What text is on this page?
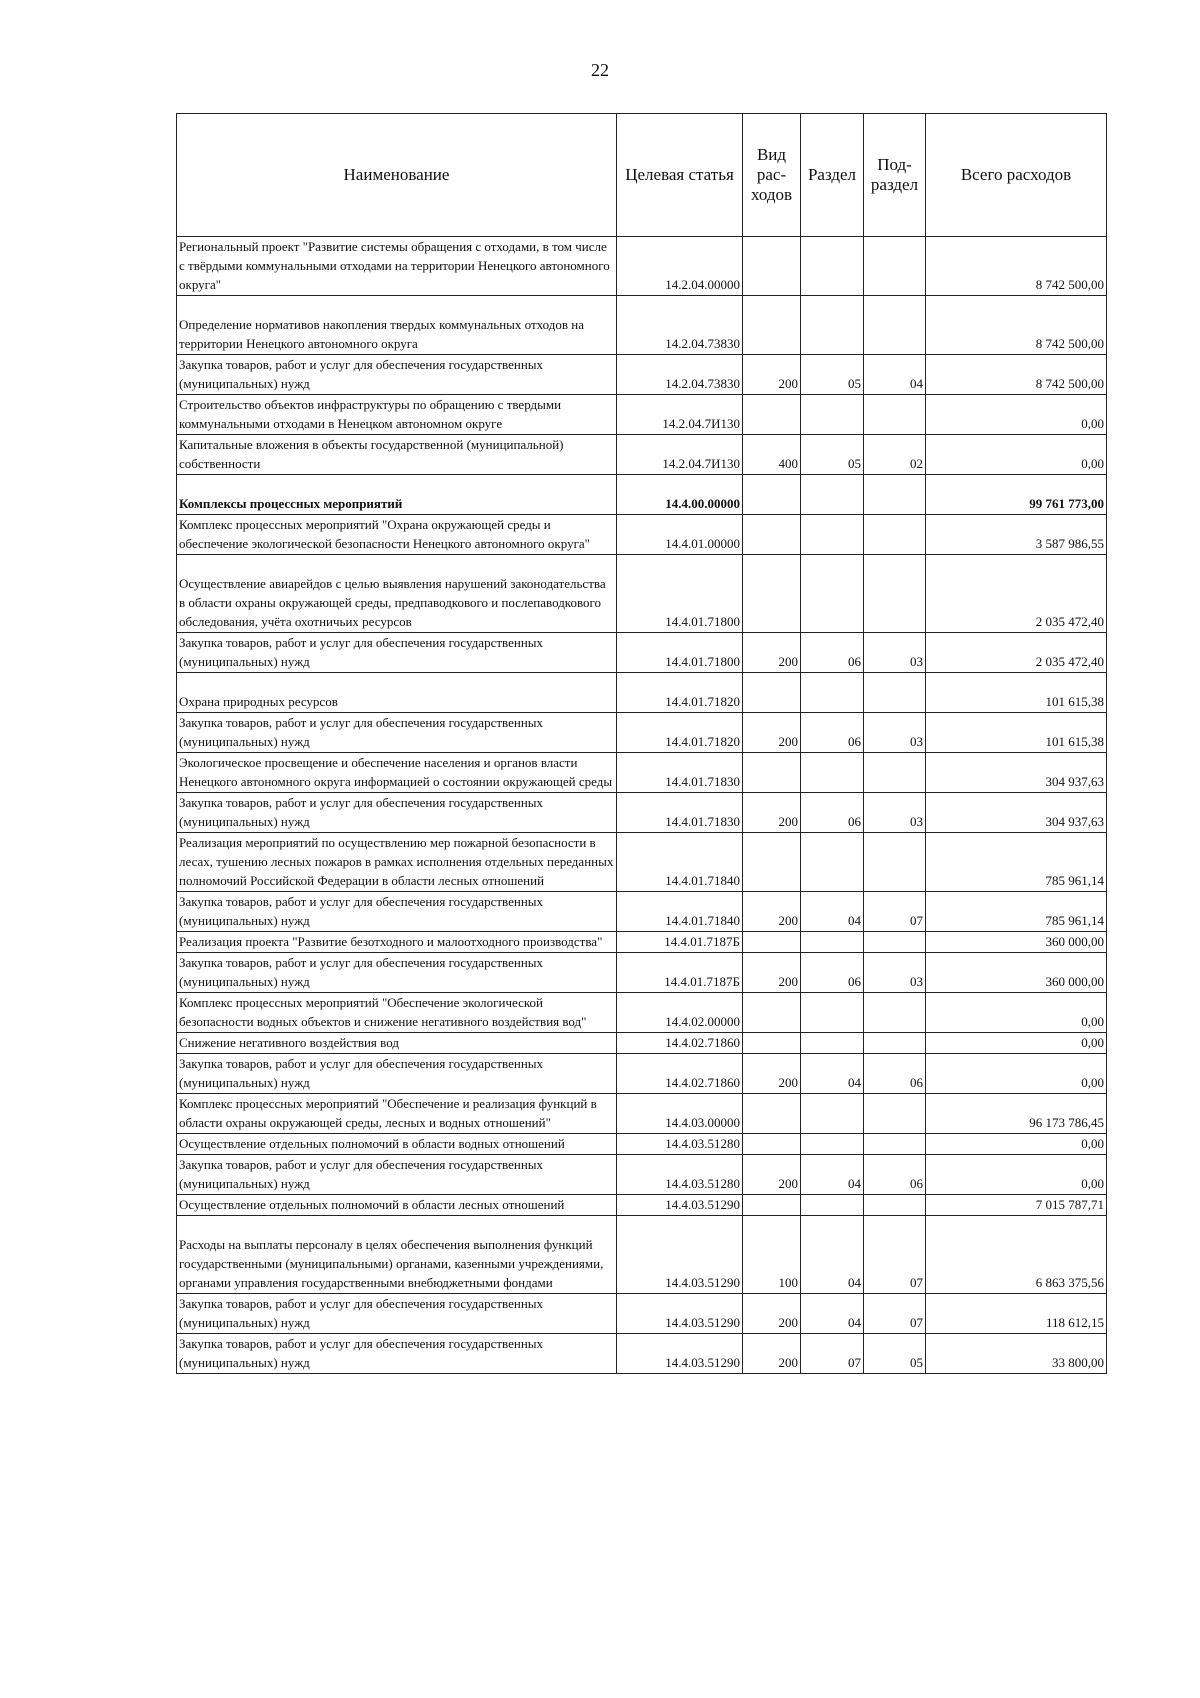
22
Наименование	Целевая статья	Вид рас- ходов	Раздел	Под- раздел	Всего расходов
Региональный проект "Развитие системы обращения с отходами, в том числе с твёрдыми коммунальными отходами на территории Ненецкого автономного округа"	14.2.04.00000				8 742 500,00
Определение нормативов накопления твердых коммунальных отходов на территории Ненецкого автономного округа	14.2.04.73830				8 742 500,00
Закупка товаров, работ и услуг для обеспечения государственных (муниципальных) нужд	14.2.04.73830	200	05	04	8 742 500,00
Строительство объектов инфраструктуры по обращению с твердыми коммунальными отходами в Ненецком автономном округе	14.2.04.7И130				0,00
Капитальные вложения в объекты государственной (муниципальной) собственности	14.2.04.7И130	400	05	02	0,00
Комплексы процессных мероприятий	14.4.00.00000				99 761 773,00
Комплекс процессных мероприятий "Охрана окружающей среды и обеспечение экологической безопасности Ненецкого автономного округа"	14.4.01.00000				3 587 986,55
Осуществление авиарейдов с целью выявления нарушений законодательства в области охраны окружающей среды, предпаводкового и послепаводкового обследования, учёта охотничьих ресурсов	14.4.01.71800				2 035 472,40
Закупка товаров, работ и услуг для обеспечения государственных (муниципальных) нужд	14.4.01.71800	200	06	03	2 035 472,40
Охрана природных ресурсов	14.4.01.71820				101 615,38
Закупка товаров, работ и услуг для обеспечения государственных (муниципальных) нужд	14.4.01.71820	200	06	03	101 615,38
Экологическое просвещение и обеспечение населения и органов власти Ненецкого автономного округа информацией о состоянии окружающей среды	14.4.01.71830				304 937,63
Закупка товаров, работ и услуг для обеспечения государственных (муниципальных) нужд	14.4.01.71830	200	06	03	304 937,63
Реализация мероприятий по осуществлению мер пожарной безопасности в лесах, тушению лесных пожаров в рамках исполнения отдельных переданных полномочий Российской Федерации в области лесных отношений	14.4.01.71840				785 961,14
Закупка товаров, работ и услуг для обеспечения государственных (муниципальных) нужд	14.4.01.71840	200	04	07	785 961,14
Реализация проекта "Развитие безотходного и малоотходного производства"	14.4.01.7187Б				360 000,00
Закупка товаров, работ и услуг для обеспечения государственных (муниципальных) нужд	14.4.01.7187Б	200	06	03	360 000,00
Комплекс процессных мероприятий "Обеспечение экологической безопасности водных объектов и снижение негативного воздействия вод"	14.4.02.00000				0,00
Снижение негативного воздействия вод	14.4.02.71860				0,00
Закупка товаров, работ и услуг для обеспечения государственных (муниципальных) нужд	14.4.02.71860	200	04	06	0,00
Комплекс процессных мероприятий "Обеспечение и реализация функций в области охраны окружающей среды, лесных и водных отношений"	14.4.03.00000				96 173 786,45
Осуществление отдельных полномочий в области водных отношений	14.4.03.51280				0,00
Закупка товаров, работ и услуг для обеспечения государственных (муниципальных) нужд	14.4.03.51280	200	04	06	0,00
Осуществление отдельных полномочий в области лесных отношений	14.4.03.51290				7 015 787,71
Расходы на выплаты персоналу в целях обеспечения выполнения функций государственными (муниципальными) органами, казенными учреждениями, органами управления государственными внебюджетными фондами	14.4.03.51290	100	04	07	6 863 375,56
Закупка товаров, работ и услуг для обеспечения государственных (муниципальных) нужд	14.4.03.51290	200	04	07	118 612,15
Закупка товаров, работ и услуг для обеспечения государственных (муниципальных) нужд	14.4.03.51290	200	07	05	33 800,00
